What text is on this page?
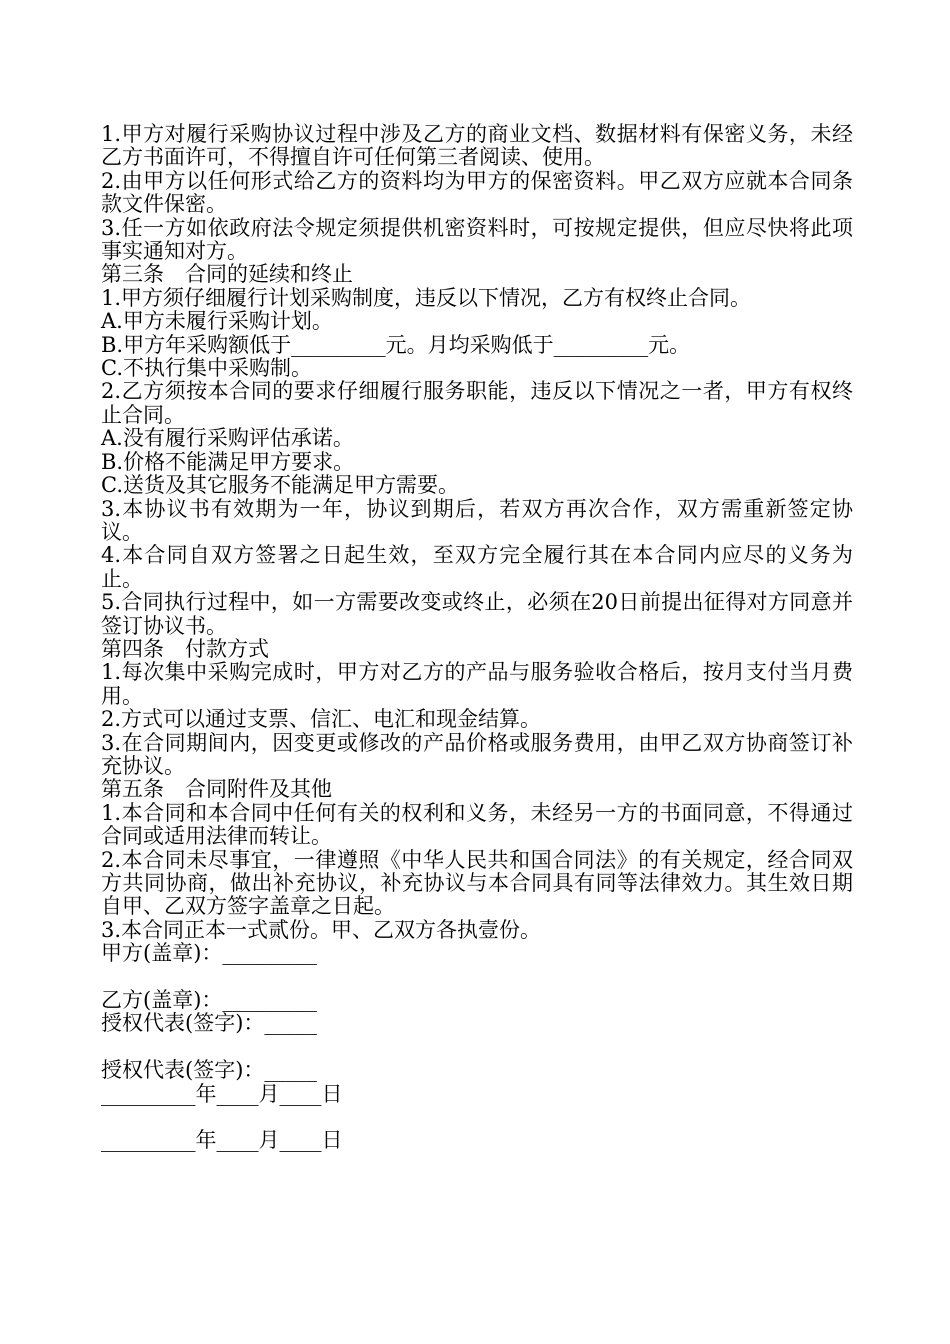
1.甲方对履行采购协议过程中涉及乙方的商业文档、数据材料有保密义务，未经乙方书面许可，不得擅自许可任何第三者阅读、使用。

2.由甲方以任何形式给乙方的资料均为甲方的保密资料。甲乙双方应就本合同条款文件保密。

3.任一方如依政府法令规定须提供机密资料时，可按规定提供，但应尽快将此项事实通知对方。

第三条　合同的延续和终止

1.甲方须仔细履行计划采购制度，违反以下情况，乙方有权终止合同。

A.甲方未履行采购计划。

B.甲方年采购额低于_________元。月均采购低于_________元。

C.不执行集中采购制。

2.乙方须按本合同的要求仔细履行服务职能，违反以下情况之一者，甲方有权终止合同。

A.没有履行采购评估承诺。

B.价格不能满足甲方要求。

C.送货及其它服务不能满足甲方需要。

3.本协议书有效期为一年，协议到期后，若双方再次合作，双方需重新签定协议。

4.本合同自双方签署之日起生效，至双方完全履行其在本合同内应尽的义务为止。

5.合同执行过程中，如一方需要改变或终止，必须在20日前提出征得对方同意并签订协议书。

第四条　付款方式

1.每次集中采购完成时，甲方对乙方的产品与服务验收合格后，按月支付当月费用。

2.方式可以通过支票、信汇、电汇和现金结算。

3.在合同期间内，因变更或修改的产品价格或服务费用，由甲乙双方协商签订补充协议。

第五条　合同附件及其他

1.本合同和本合同中任何有关的权利和义务，未经另一方的书面同意，不得通过合同或适用法律而转让。

2.本合同未尽事宜，一律遵照《中华人民共和国合同法》的有关规定，经合同双方共同协商，做出补充协议，补充协议与本合同具有同等法律效力。其生效日期自甲、乙双方签字盖章之日起。

3.本合同正本一式贰份。甲、乙双方各执壹份。

甲方(盖章)：_________

乙方(盖章)：_________

授权代表(签字)：_____

授权代表(签字)：_____

_________年____月____日

_________年____月____日
